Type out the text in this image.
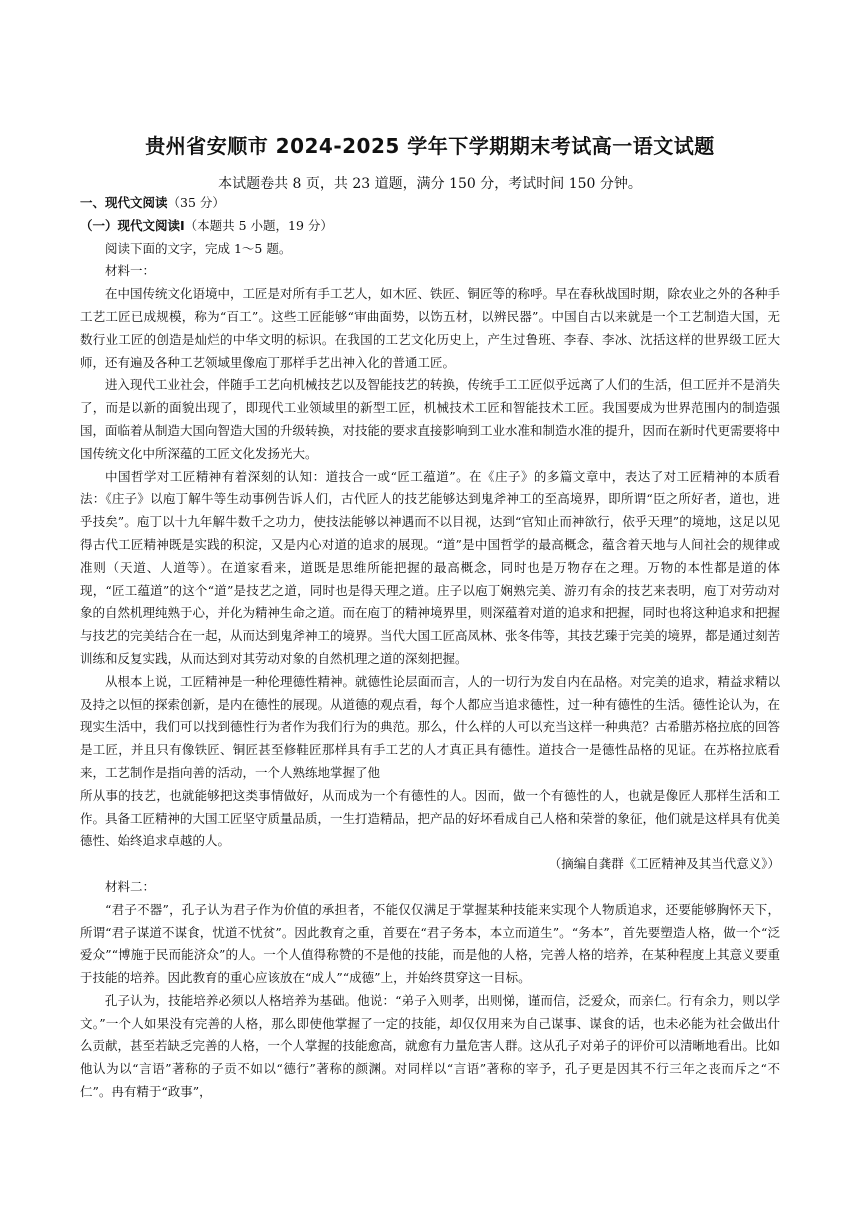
贵州省安顺市 2024-2025 学年下学期期末考试高一语文试题
本试题卷共 8 页，共 23 道题，满分 150 分，考试时间 150 分钟。

一、现代文阅读（35 分）

（一）现代文阅读Ⅰ（本题共 5 小题，19 分）

阅读下面的文字，完成 1～5 题。

材料一：

在中国传统文化语境中，工匠是对所有手工艺人，如木匠、铁匠、铜匠等的称呼。早在春秋战国时期，除农业之外的各种手工艺工匠已成规模，称为“百工”。这些工匠能够“审曲面势，以饬五材，以辨民器”。中国自古以来就是一个工艺制造大国，无数行业工匠的创造是灿烂的中华文明的标识。在我国的工艺文化历史上，产生过鲁班、李春、李冰、沈括这样的世界级工匠大师，还有遍及各种工艺领域里像庖丁那样手艺出神入化的普通工匠。

进入现代工业社会，伴随手工艺向机械技艺以及智能技艺的转换，传统手工工匠似乎远离了人们的生活，但工匠并不是消失了，而是以新的面貌出现了，即现代工业领域里的新型工匠，机械技术工匠和智能技术工匠。我国要成为世界范围内的制造强国，面临着从制造大国向智造大国的升级转换，对技能的要求直接影响到工业水准和制造水准的提升，因而在新时代更需要将中国传统文化中所深蕴的工匠文化发扬光大。

中国哲学对工匠精神有着深刻的认知：道技合一或“匠工蕴道”。在《庄子》的多篇文章中，表达了对工匠精神的本质看法：《庄子》以庖丁解牛等生动事例告诉人们，古代匠人的技艺能够达到鬼斧神工的至高境界，即所谓“臣之所好者，道也，进乎技矣”。庖丁以十九年解牛数千之功力，使技法能够以神遇而不以目视，达到“官知止而神欲行，依乎天理”的境地，这足以见得古代工匠精神既是实践的积淀，又是内心对道的追求的展现。“道”是中国哲学的最高概念，蕴含着天地与人间社会的规律或准则（天道、人道等）。在道家看来，道既是思维所能把握的最高概念，同时也是万物存在之理。万物的本性都是道的体现，“匠工蕴道”的这个“道”是技艺之道，同时也是得天理之道。庄子以庖丁娴熟完美、游刃有余的技艺来表明，庖丁对劳动对象的自然机理纯熟于心，并化为精神生命之道。而在庖丁的精神境界里，则深蕴着对道的追求和把握，同时也将这种追求和把握与技艺的完美结合在一起，从而达到鬼斧神工的境界。当代大国工匠高凤林、张冬伟等，其技艺臻于完美的境界，都是通过刻苦训练和反复实践，从而达到对其劳动对象的自然机理之道的深刻把握。

从根本上说，工匠精神是一种伦理德性精神。就德性论层面而言，人的一切行为发自内在品格。对完美的追求，精益求精以及持之以恒的探索创新，是内在德性的展现。从道德的观点看，每个人都应当追求德性，过一种有德性的生活。德性论认为，在现实生活中，我们可以找到德性行为者作为我们行为的典范。那么，什么样的人可以充当这样一种典范？古希腊苏格拉底的回答是工匠，并且只有像铁匠、铜匠甚至修鞋匠那样具有手工艺的人才真正具有德性。道技合一是德性品格的见证。在苏格拉底看来，工艺制作是指向善的活动，一个人熟练地掌握了他

所从事的技艺，也就能够把这类事情做好，从而成为一个有德性的人。因而，做一个有德性的人，也就是像匠人那样生活和工作。具备工匠精神的大国工匠坚守质量品质，一生打造精品，把产品的好坏看成自己人格和荣誉的象征，他们就是这样具有优美德性、始终追求卓越的人。

（摘编自龚群《工匠精神及其当代意义》）

材料二：

“君子不器”，孔子认为君子作为价值的承担者，不能仅仅满足于掌握某种技能来实现个人物质追求，还要能够胸怀天下，所谓“君子谋道不谋食，忧道不忧贫”。因此教育之重，首要在“君子务本，本立而道生”。“务本”，首先要塑造人格，做一个“泛爱众”“博施于民而能济众”的人。一个人值得称赞的不是他的技能，而是他的人格，完善人格的培养，在某种程度上其意义要重于技能的培养。因此教育的重心应该放在“成人”“成德”上，并始终贯穿这一目标。

孔子认为，技能培养必须以人格培养为基础。他说：“弟子入则孝，出则悌，谨而信，泛爱众，而亲仁。行有余力，则以学文。”一个人如果没有完善的人格，那么即使他掌握了一定的技能，却仅仅用来为自己谋事、谋食的话，也未必能为社会做出什么贡献，甚至若缺乏完善的人格，一个人掌握的技能愈高，就愈有力量危害人群。这从孔子对弟子的评价可以清晰地看出。比如他认为以“言语”著称的子贡不如以“德行”著称的颜渊。对同样以“言语”著称的宰予，孔子更是因其不行三年之丧而斥之“不仁”。冉有精于“政事”，
